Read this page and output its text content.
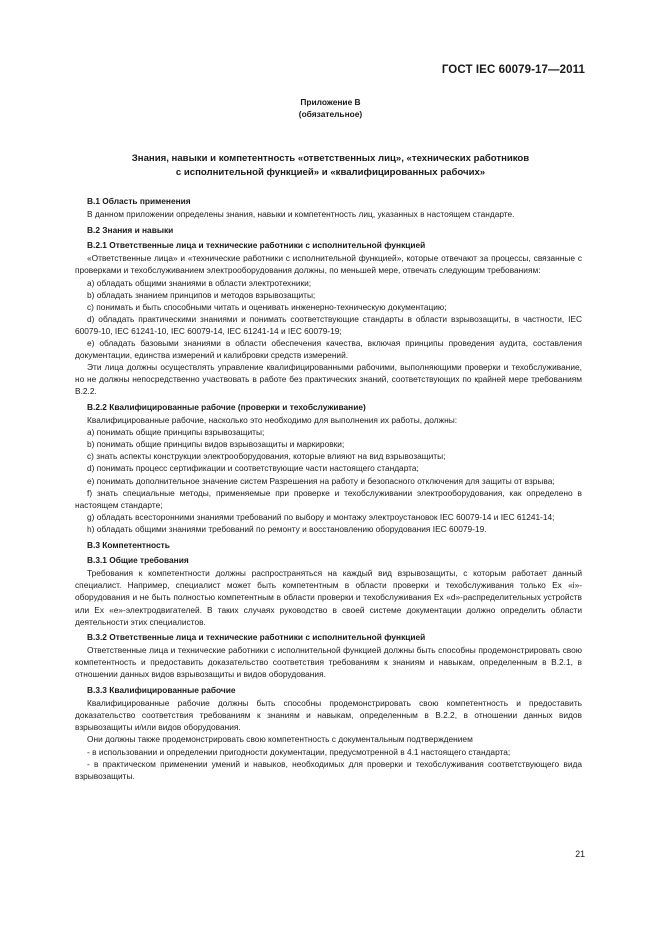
ГОСТ IEC 60079-17—2011
Приложение В
(обязательное)
Знания, навыки и компетентность «ответственных лиц», «технических работников
с исполнительной функцией» и «квалифицированных рабочих»

В.1 Область применения

В данном приложении определены знания, навыки и компетентность лиц, указанных в настоящем стандарте.

В.2 Знания и навыки

В.2.1 Ответственные лица и технические работники с исполнительной функцией

«Ответственные лица» и «технические работники с исполнительной функцией», которые отвечают за процессы, связанные с проверками и техобслуживанием электрооборудования должны, по меньшей мере, отвечать следующим требованиям:

а) обладать общими знаниями в области электротехники;

b) обладать знанием принципов и методов взрывозащиты;

с) понимать и быть способными читать и оценивать инженерно-техническую документацию;

d) обладать практическими знаниями и понимать соответствующие стандарты в области взрывозащиты, в частности, IEC 60079-10, IEC 61241-10, IEC 60079-14, IEC 61241-14 и IEC 60079-19;

е) обладать базовыми знаниями в области обеспечения качества, включая принципы проведения аудита, составления документации, единства измерений и калибровки средств измерений.

Эти лица должны осуществлять управление квалифицированными рабочими, выполняющими проверки и техобслуживание, но не должны непосредственно участвовать в работе без практических знаний, соответствующих по крайней мере требованиям В.2.2.

В.2.2 Квалифицированные рабочие (проверки и техобслуживание)

Квалифицированные рабочие, насколько это необходимо для выполнения их работы, должны:

а) понимать общие принципы взрывозащиты;

b) понимать общие принципы видов взрывозащиты и маркировки;

с) знать аспекты конструкции электрооборудования, которые влияют на вид взрывозащиты;

d) понимать процесс сертификации и соответствующие части настоящего стандарта;

е) понимать дополнительное значение систем Разрешения на работу и безопасного отключения для защиты от взрыва;

f) знать специальные методы, применяемые при проверке и техобслуживании электрооборудования, как определено в настоящем стандарте;

g) обладать всесторонними знаниями требований по выбору и монтажу электроустановок IEC 60079-14 и IEC 61241-14;

h) обладать общими знаниями требований по ремонту и восстановлению оборудования IEC 60079-19.

В.3 Компетентность

В.3.1 Общие требования

Требования к компетентности должны распространяться на каждый вид взрывозащиты, с которым работает данный специалист. Например, специалист может быть компетентным в области проверки и техобслуживания только Ex «i»-оборудования и не быть полностью компетентным в области проверки и техобслуживания Ex «d»-распределительных устройств или Ex «е»-электродвигателей. В таких случаях руководство в своей системе документации должно определить области деятельности этих специалистов.

В.3.2 Ответственные лица и технические работники с исполнительной функцией

Ответственные лица и технические работники с исполнительной функцией должны быть способны продемонстрировать свою компетентность и предоставить доказательство соответствия требованиям к знаниям и навыкам, определенным в В.2.1, в отношении данных видов взрывозащиты и видов оборудования.

В.3.3 Квалифицированные рабочие

Квалифицированные рабочие должны быть способны продемонстрировать свою компетентность и предоставить доказательство соответствия требованиям к знаниям и навыкам, определенным в В.2.2, в отношении данных видов взрывозащиты и/или видов оборудования.

Они должны также продемонстрировать свою компетентность с документальным подтверждением

- в использовании и определении пригодности документации, предусмотренной в 4.1 настоящего стандарта;

- в практическом применении умений и навыков, необходимых для проверки и техобслуживания соответствующего вида взрывозащиты.

21
